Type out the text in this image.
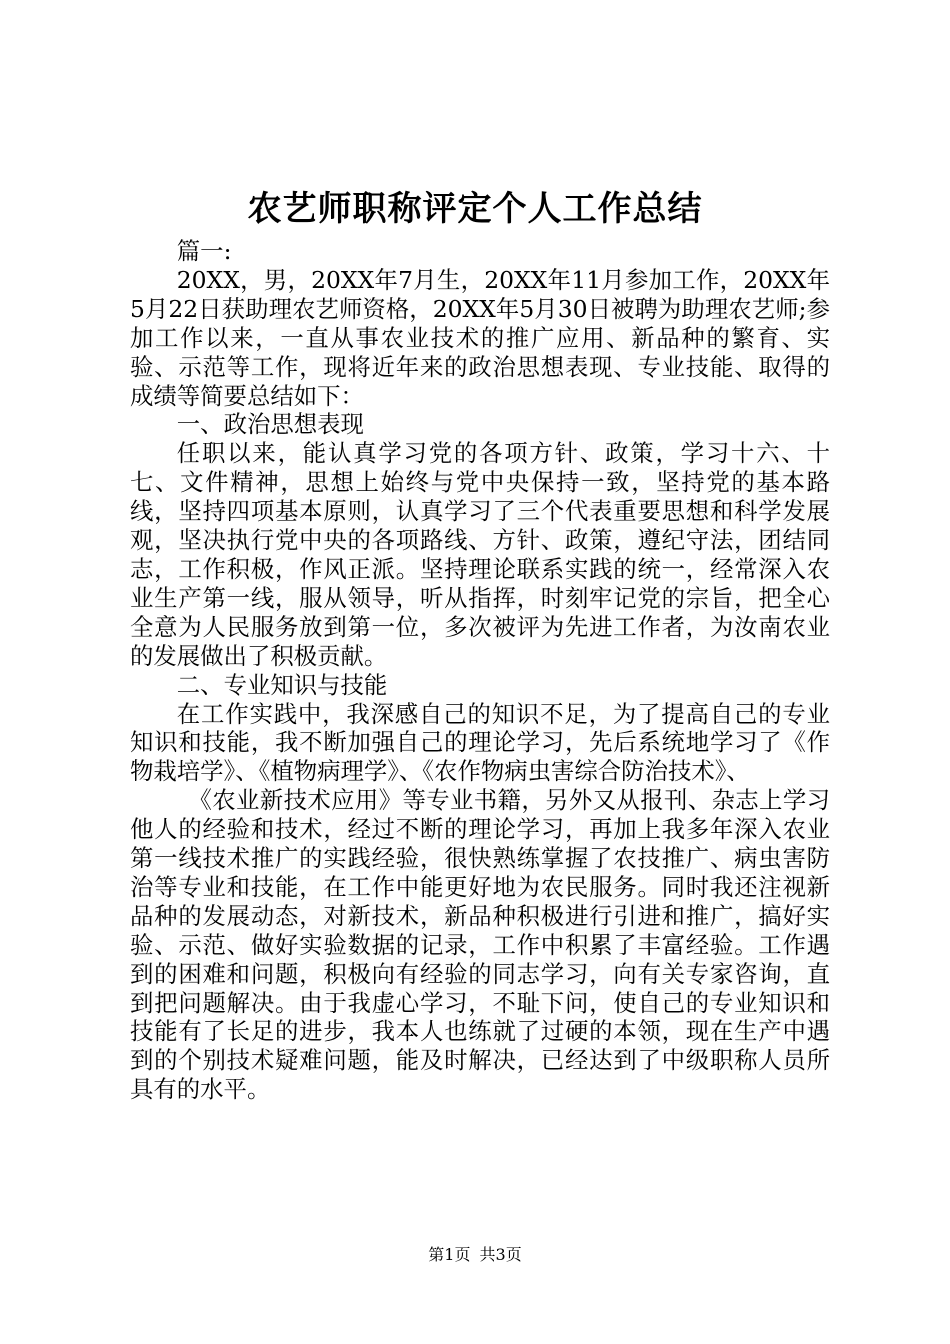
农艺师职称评定个人工作总结

篇一:

20XX，男，20XX年7月生，20XX年11月参加工作，20XX年5月22日获助理农艺师资格，20XX年5月30日被聘为助理农艺师;参加工作以来，一直从事农业技术的推广应用、新品种的繁育、实验、示范等工作，现将近年来的政治思想表现、专业技能、取得的成绩等简要总结如下：

一、政治思想表现

任职以来，能认真学习党的各项方针、政策，学习十六、十七、文件精神，思想上始终与党中央保持一致，坚持党的基本路线，坚持四项基本原则，认真学习了三个代表重要思想和科学发展观，坚决执行党中央的各项路线、方针、政策，遵纪守法，团结同志，工作积极，作风正派。坚持理论联系实践的统一，经常深入农业生产第一线，服从领导，听从指挥，时刻牢记党的宗旨，把全心全意为人民服务放到第一位，多次被评为先进工作者，为汝南农业的发展做出了积极贡献。

二、专业知识与技能

在工作实践中，我深感自己的知识不足，为了提高自己的专业知识和技能，我不断加强自己的理论学习，先后系统地学习了《作物栽培学》、《植物病理学》、《农作物病虫害综合防治技术》、

《农业新技术应用》等专业书籍，另外又从报刊、杂志上学习他人的经验和技术，经过不断的理论学习，再加上我多年深入农业第一线技术推广的实践经验，很快熟练掌握了农技推广、病虫害防治等专业和技能，在工作中能更好地为农民服务。同时我还注视新品种的发展动态，对新技术，新品种积极进行引进和推广，搞好实验、示范、做好实验数据的记录，工作中积累了丰富经验。工作遇到的困难和问题，积极向有经验的同志学习，向有关专家咨询，直到把问题解决。由于我虚心学习，不耻下问，使自己的专业知识和技能有了长足的进步，我本人也练就了过硬的本领，现在生产中遇到的个别技术疑难问题，能及时解决，已经达到了中级职称人员所具有的水平。

第1页 共3页
